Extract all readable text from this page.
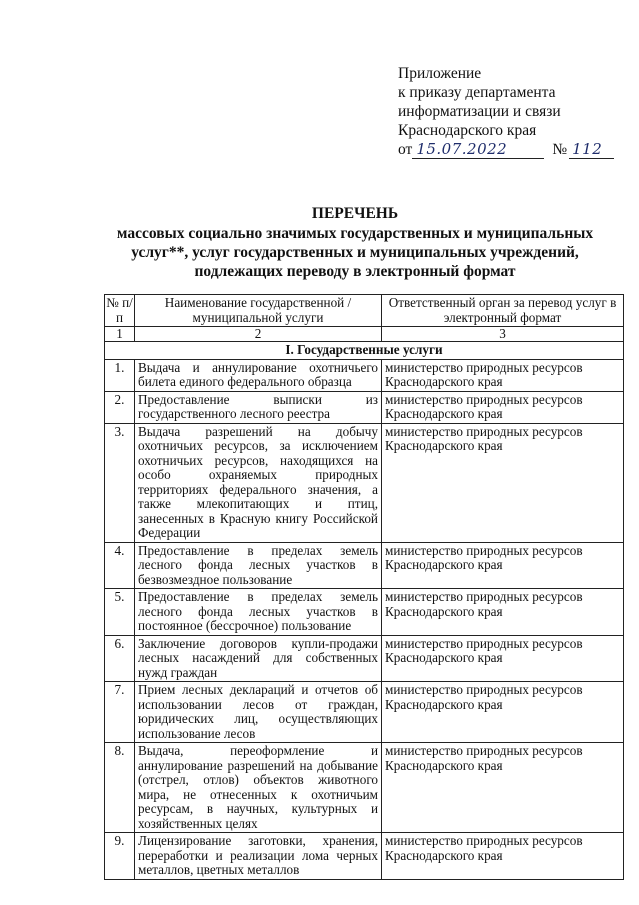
Приложение
к приказу департамента
информатизации и связи
Краснодарского края
от 15.07.2022	№ 112
ПЕРЕЧЕНЬ
массовых социально значимых государственных и муниципальных
услуг**, услуг государственных и муниципальных учреждений,
подлежащих переводу в электронный формат
№ п/п	Наименование государственной / муниципальной услуги	Ответственный орган за перевод услуг в электронный формат
1	2	3
I. Государственные услуги		
1.	Выдача и аннулирование охотничьего билета единого федерального образца	министерство природных ресурсов Краснодарского края
2.	Предоставление выписки из государственного лесного реестра	министерство природных ресурсов Краснодарского края
3.	Выдача разрешений на добычу охотничьих ресурсов, за исключением охотничьих ресурсов, находящихся на особо охраняемых природных территориях федерального значения, а также млекопитающих и птиц, занесенных в Красную книгу Российской Федерации	министерство природных ресурсов Краснодарского края
4.	Предоставление в пределах земель лесного фонда лесных участков в безвозмездное пользование	министерство природных ресурсов Краснодарского края
5.	Предоставление в пределах земель лесного фонда лесных участков в постоянное (бессрочное) пользование	министерство природных ресурсов Краснодарского края
6.	Заключение договоров купли-продажи лесных насаждений для собственных нужд граждан	министерство природных ресурсов Краснодарского края
7.	Прием лесных деклараций и отчетов об использовании лесов от граждан, юридических лиц, осуществляющих использование лесов	министерство природных ресурсов Краснодарского края
8.	Выдача, переоформление и аннулирование разрешений на добывание (отстрел, отлов) объектов животного мира, не отнесенных к охотничьим ресурсам, в научных, культурных и хозяйственных целях	министерство природных ресурсов Краснодарского края
9.	Лицензирование заготовки, хранения, переработки и реализации лома черных металлов, цветных металлов	министерство природных ресурсов Краснодарского края
